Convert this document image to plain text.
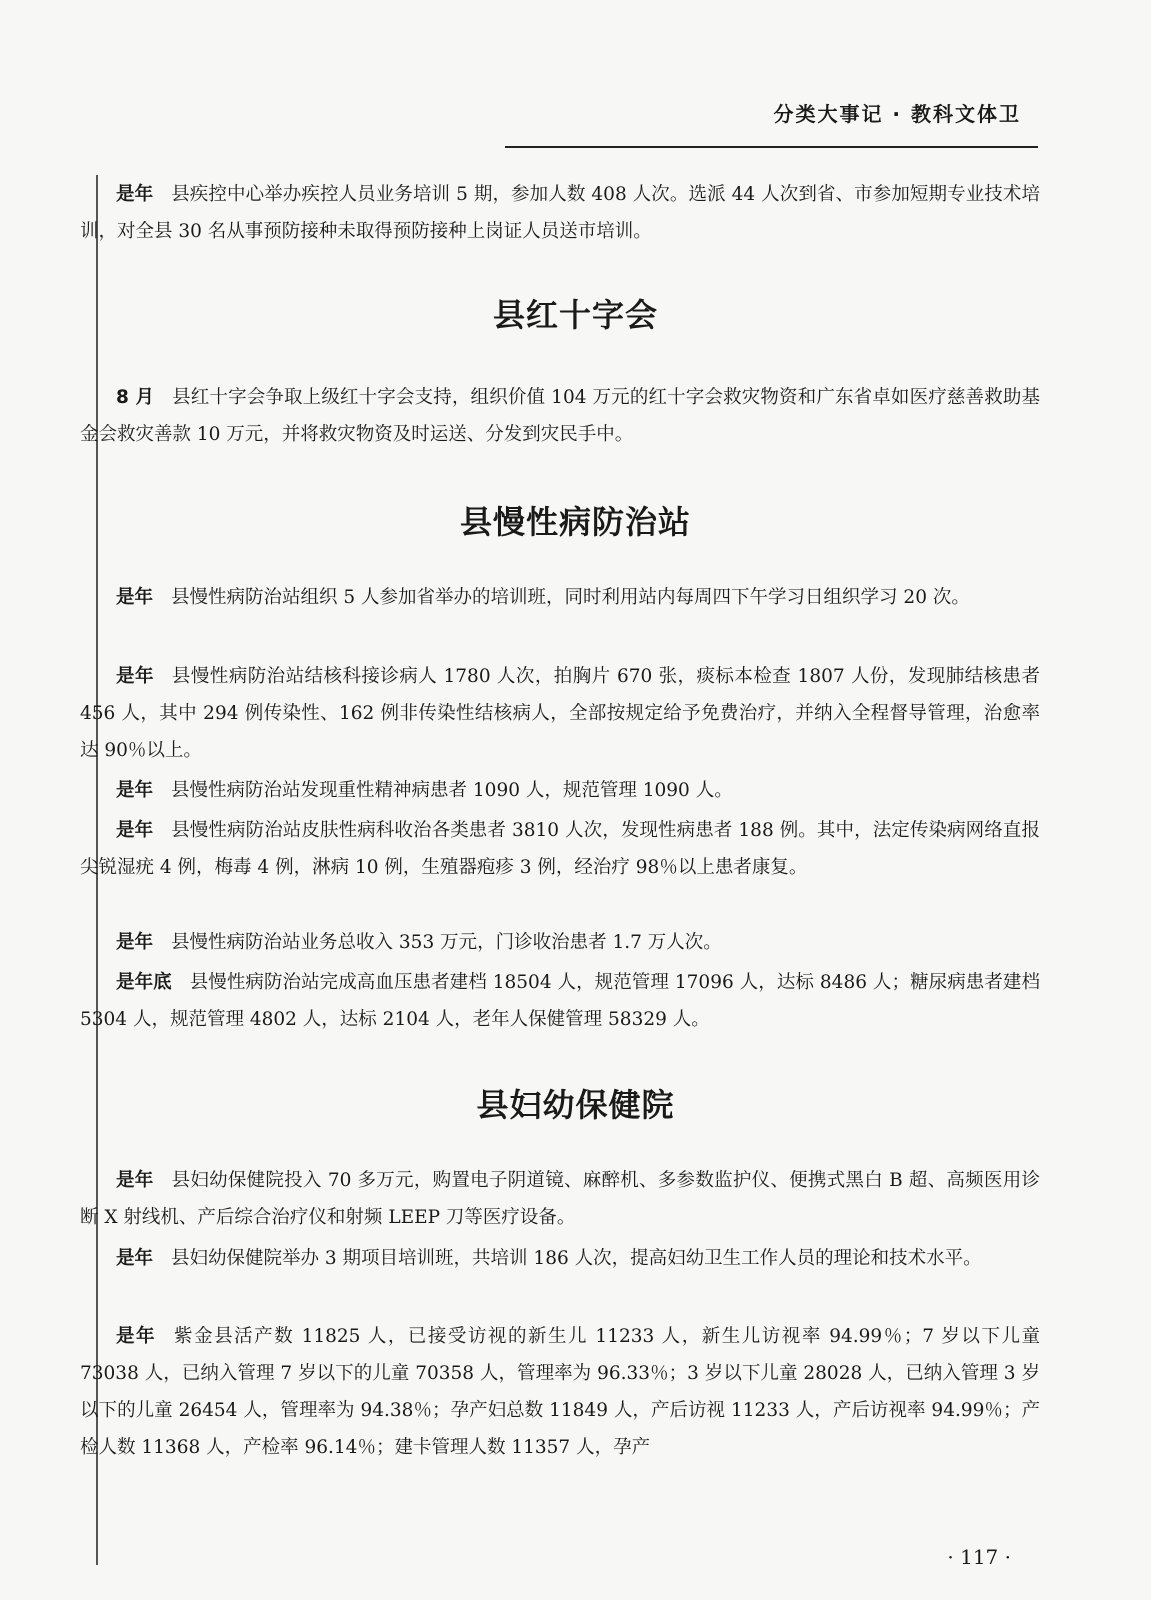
分类大事记 · 教科文体卫

是年 县疾控中心举办疾控人员业务培训 5 期，参加人数 408 人次。选派 44 人次到省、市参加短期专业技术培训，对全县 30 名从事预防接种未取得预防接种上岗证人员送市培训。

县红十字会

8 月 县红十字会争取上级红十字会支持，组织价值 104 万元的红十字会救灾物资和广东省卓如医疗慈善救助基金会救灾善款 10 万元，并将救灾物资及时运送、分发到灾民手中。

县慢性病防治站

是年 县慢性病防治站组织 5 人参加省举办的培训班，同时利用站内每周四下午学习日组织学习 20 次。

是年 县慢性病防治站结核科接诊病人 1780 人次，拍胸片 670 张，痰标本检查 1807 人份，发现肺结核患者 456 人，其中 294 例传染性、162 例非传染性结核病人，全部按规定给予免费治疗，并纳入全程督导管理，治愈率达 90％以上。

是年 县慢性病防治站发现重性精神病患者 1090 人，规范管理 1090 人。

是年 县慢性病防治站皮肤性病科收治各类患者 3810 人次，发现性病患者 188 例。其中，法定传染病网络直报尖锐湿疣 4 例，梅毒 4 例，淋病 10 例，生殖器疱疹 3 例，经治疗 98％以上患者康复。

是年 县慢性病防治站业务总收入 353 万元，门诊收治患者 1.7 万人次。

是年底 县慢性病防治站完成高血压患者建档 18504 人，规范管理 17096 人，达标 8486 人；糖尿病患者建档 5304 人，规范管理 4802 人，达标 2104 人，老年人保健管理 58329 人。

县妇幼保健院

是年 县妇幼保健院投入 70 多万元，购置电子阴道镜、麻醉机、多参数监护仪、便携式黑白 B 超、高频医用诊断 X 射线机、产后综合治疗仪和射频 LEEP 刀等医疗设备。

是年 县妇幼保健院举办 3 期项目培训班，共培训 186 人次，提高妇幼卫生工作人员的理论和技术水平。

是年 紫金县活产数 11825 人，已接受访视的新生儿 11233 人，新生儿访视率 94.99％；7 岁以下儿童 73038 人，已纳入管理 7 岁以下的儿童 70358 人，管理率为 96.33％；3 岁以下儿童 28028 人，已纳入管理 3 岁以下的儿童 26454 人，管理率为 94.38％；孕产妇总数 11849 人，产后访视 11233 人，产后访视率 94.99％；产检人数 11368 人，产检率 96.14％；建卡管理人数 11357 人，孕产

· 117 ·
